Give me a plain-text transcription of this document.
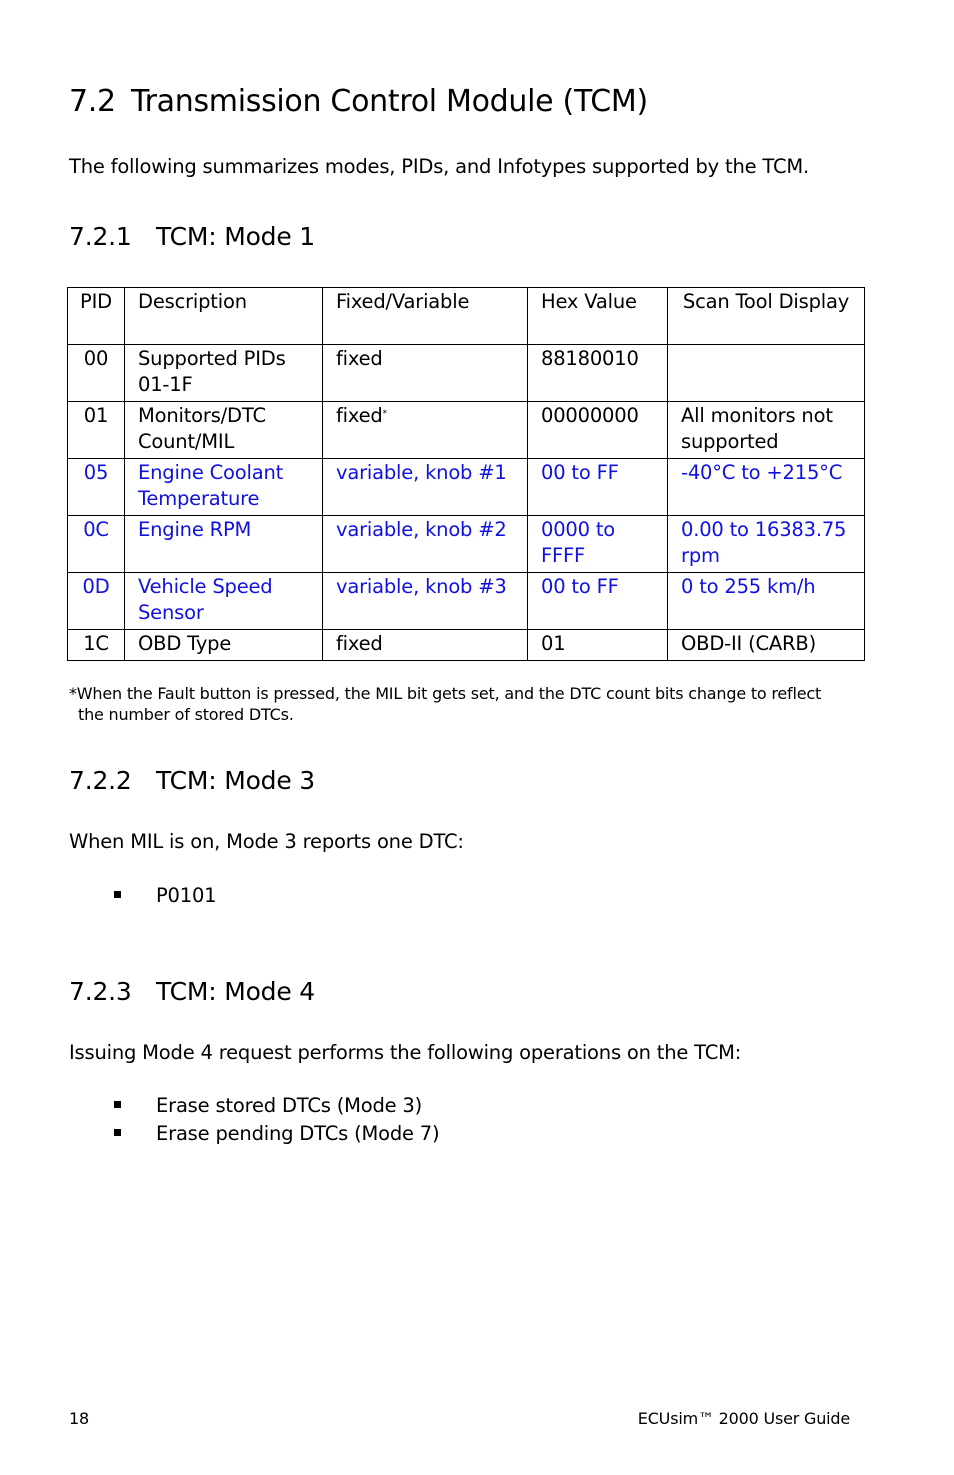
7.2 Transmission Control Module (TCM)

The following summarizes modes, PIDs, and Infotypes supported by the TCM.

7.2.1 TCM: Mode 1
PID	Description	Fixed/Variable	Hex Value	Scan Tool Display
00	Supported PIDs 01-1F	fixed	88180010	
01	Monitors/DTC Count/MIL	fixed*	00000000	All monitors not supported
05	Engine Coolant Temperature	variable, knob #1	00 to FF	-40°C to +215°C
0C	Engine RPM	variable, knob #2	0000 to FFFF	0.00 to 16383.75 rpm
0D	Vehicle Speed Sensor	variable, knob #3	00 to FF	0 to 255 km/h
1C	OBD Type	fixed	01	OBD-II (CARB)

*When the Fault button is pressed, the MIL bit gets set, and the DTC count bits change to reflect
the number of stored DTCs.

7.2.2 TCM: Mode 3

When MIL is on, Mode 3 reports one DTC:

P0101
7.2.3 TCM: Mode 4

Issuing Mode 4 request performs the following operations on the TCM:

Erase stored DTCs (Mode 3)
Erase pending DTCs (Mode 7)
18	ECUsim™ 2000 User Guide
